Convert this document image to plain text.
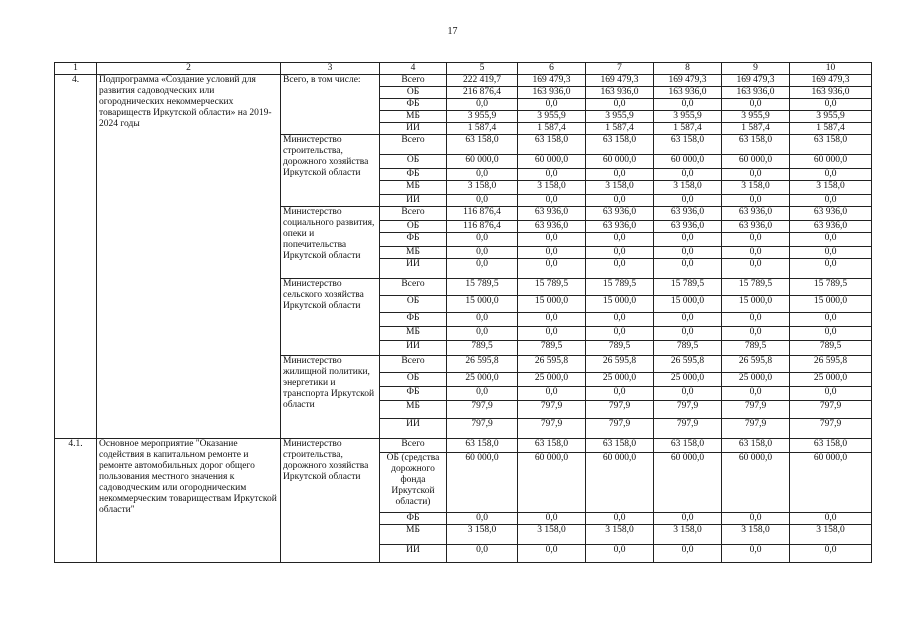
17
1	2	3	4	5	6	7	8	9	10
4.	Подпрограмма «Создание условий для развития садоводческих или огороднических некоммерческих товариществ Иркутской области» на 2019-2024 годы	Всего, в том числе:	Всего	222 419,7	169 479,3	169 479,3	169 479,3	169 479,3	169 479,3
			ОБ	216 876,4	163 936,0	163 936,0	163 936,0	163 936,0	163 936,0
			ФБ	0,0	0,0	0,0	0,0	0,0	0,0
			МБ	3 955,9	3 955,9	3 955,9	3 955,9	3 955,9	3 955,9
			ИИ	1 587,4	1 587,4	1 587,4	1 587,4	1 587,4	1 587,4
		Министерство строительства, дорожного хозяйства Иркутской области	Всего	63 158,0	63 158,0	63 158,0	63 158,0	63 158,0	63 158,0
			ОБ	60 000,0	60 000,0	60 000,0	60 000,0	60 000,0	60 000,0
			ФБ	0,0	0,0	0,0	0,0	0,0	0,0
			МБ	3 158,0	3 158,0	3 158,0	3 158,0	3 158,0	3 158,0
			ИИ	0,0	0,0	0,0	0,0	0,0	0,0
		Министерство социального развития, опеки и попечительства Иркутской области	Всего	116 876,4	63 936,0	63 936,0	63 936,0	63 936,0	63 936,0
			ОБ	116 876,4	63 936,0	63 936,0	63 936,0	63 936,0	63 936,0
			ФБ	0,0	0,0	0,0	0,0	0,0	0,0
			МБ	0,0	0,0	0,0	0,0	0,0	0,0
			ИИ	0,0	0,0	0,0	0,0	0,0	0,0
		Министерство сельского хозяйства Иркутской области	Всего	15 789,5	15 789,5	15 789,5	15 789,5	15 789,5	15 789,5
			ОБ	15 000,0	15 000,0	15 000,0	15 000,0	15 000,0	15 000,0
			ФБ	0,0	0,0	0,0	0,0	0,0	0,0
			МБ	0,0	0,0	0,0	0,0	0,0	0,0
			ИИ	789,5	789,5	789,5	789,5	789,5	789,5
		Министерство жилищной политики, энергетики и транспорта Иркутской области	Всего	26 595,8	26 595,8	26 595,8	26 595,8	26 595,8	26 595,8
			ОБ	25 000,0	25 000,0	25 000,0	25 000,0	25 000,0	25 000,0
			ФБ	0,0	0,0	0,0	0,0	0,0	0,0
			МБ	797,9	797,9	797,9	797,9	797,9	797,9
			ИИ	797,9	797,9	797,9	797,9	797,9	797,9
4.1.	Основное мероприятие "Оказание содействия в капитальном ремонте и ремонте автомобильных дорог общего пользования местного значения к садоводческим или огородническим некоммерческим товариществам Иркутской области"	Министерство строительства, дорожного хозяйства Иркутской области	Всего	63 158,0	63 158,0	63 158,0	63 158,0	63 158,0	63 158,0
			ОБ (средства дорожного фонда Иркутской области)	60 000,0	60 000,0	60 000,0	60 000,0	60 000,0	60 000,0
			ФБ	0,0	0,0	0,0	0,0	0,0	0,0
			МБ	3 158,0	3 158,0	3 158,0	3 158,0	3 158,0	3 158,0
			ИИ	0,0	0,0	0,0	0,0	0,0	0,0
